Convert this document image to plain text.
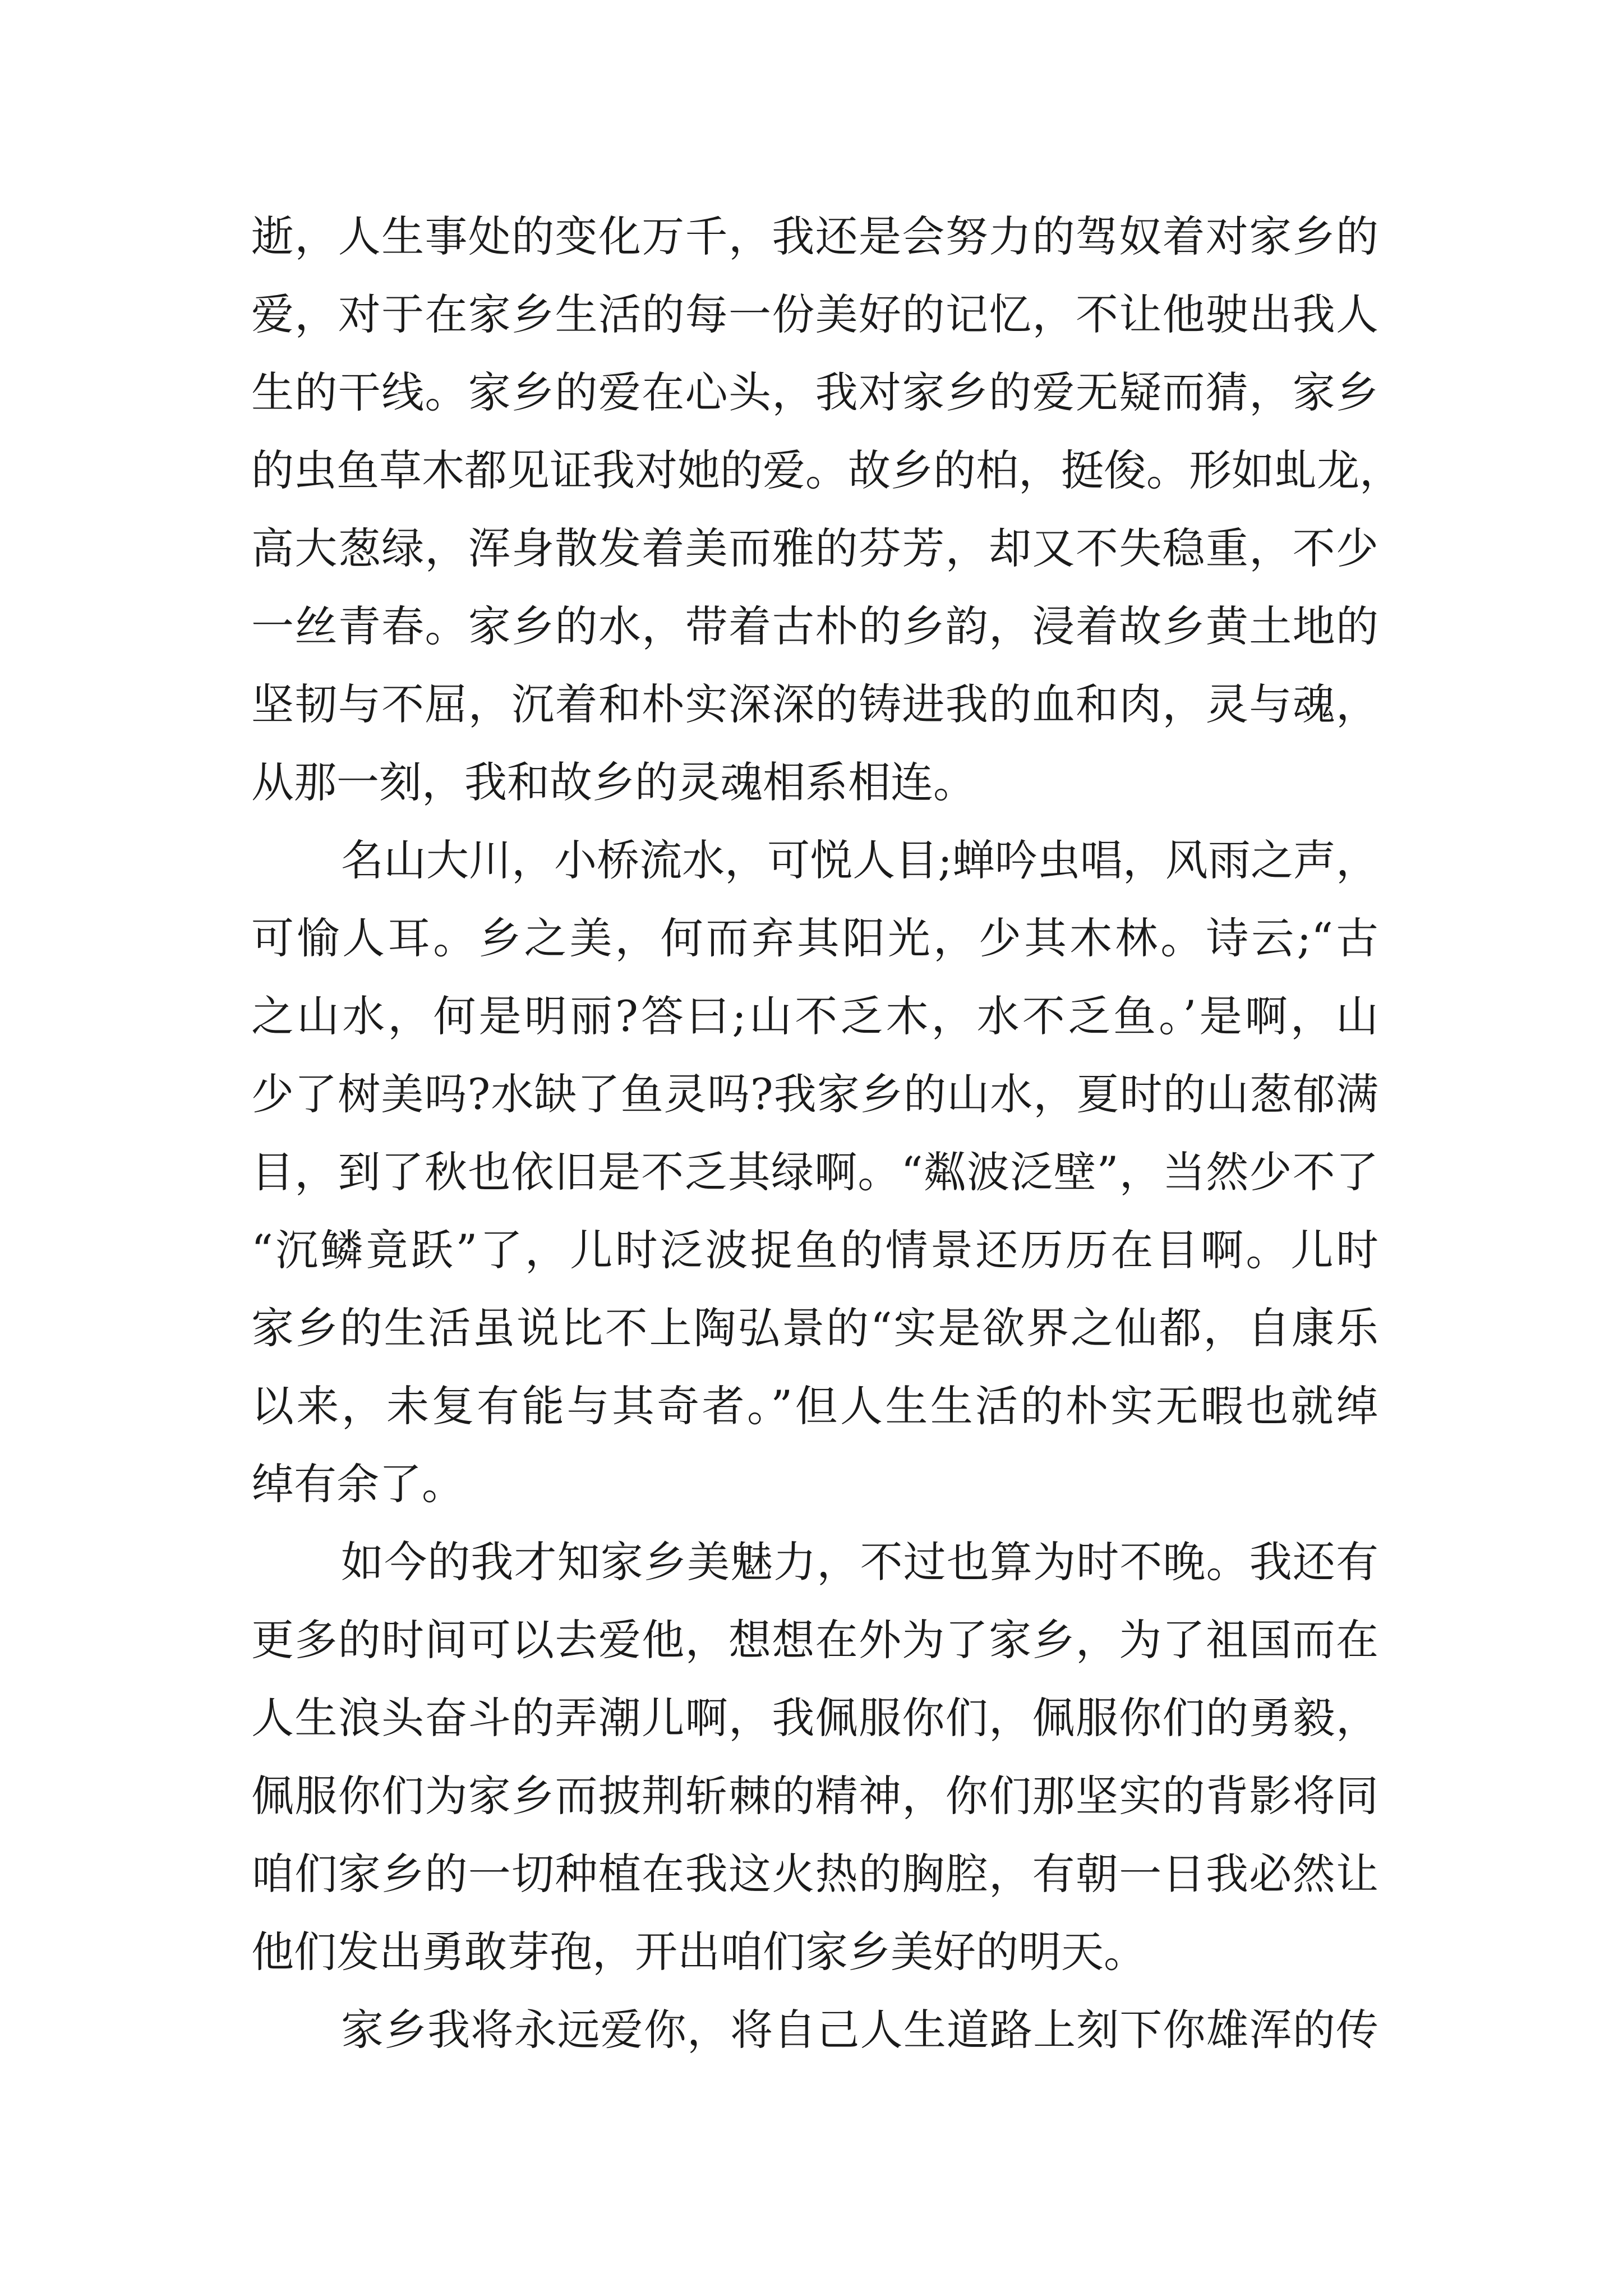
逝，人生事处的变化万千，我还是会努力的驾奴着对家乡的
爱，对于在家乡生活的每一份美好的记忆，不让他驶出我人
生的干线。家乡的爱在心头，我对家乡的爱无疑而猜，家乡
的虫鱼草木都见证我对她的爱。故乡的柏，挺俊。形如虬龙，
高大葱绿，浑身散发着美而雅的芬芳，却又不失稳重，不少
一丝青春。家乡的水，带着古朴的乡韵，浸着故乡黄土地的
坚韧与不屈，沉着和朴实深深的铸进我的血和肉，灵与魂，
从那一刻，我和故乡的灵魂相系相连。
名山大川，小桥流水，可悦人目;蝉吟虫唱，风雨之声，
可愉人耳。乡之美，何而弃其阳光，少其木林。诗云;“古
之山水，何是明丽?答曰;山不乏木，水不乏鱼。’是啊，山
少了树美吗?水缺了鱼灵吗?我家乡的山水，夏时的山葱郁满
目，到了秋也依旧是不乏其绿啊。“粼波泛壁”，当然少不了
“沉鳞竟跃”了，儿时泛波捉鱼的情景还历历在目啊。儿时
家乡的生活虽说比不上陶弘景的“实是欲界之仙都，自康乐
以来，未复有能与其奇者。”但人生生活的朴实无暇也就绰
绰有余了。
如今的我才知家乡美魅力，不过也算为时不晚。我还有
更多的时间可以去爱他，想想在外为了家乡，为了祖国而在
人生浪头奋斗的弄潮儿啊，我佩服你们，佩服你们的勇毅，
佩服你们为家乡而披荆斩棘的精神，你们那坚实的背影将同
咱们家乡的一切种植在我这火热的胸腔，有朝一日我必然让
他们发出勇敢芽孢，开出咱们家乡美好的明天。
家乡我将永远爱你，将自己人生道路上刻下你雄浑的传
